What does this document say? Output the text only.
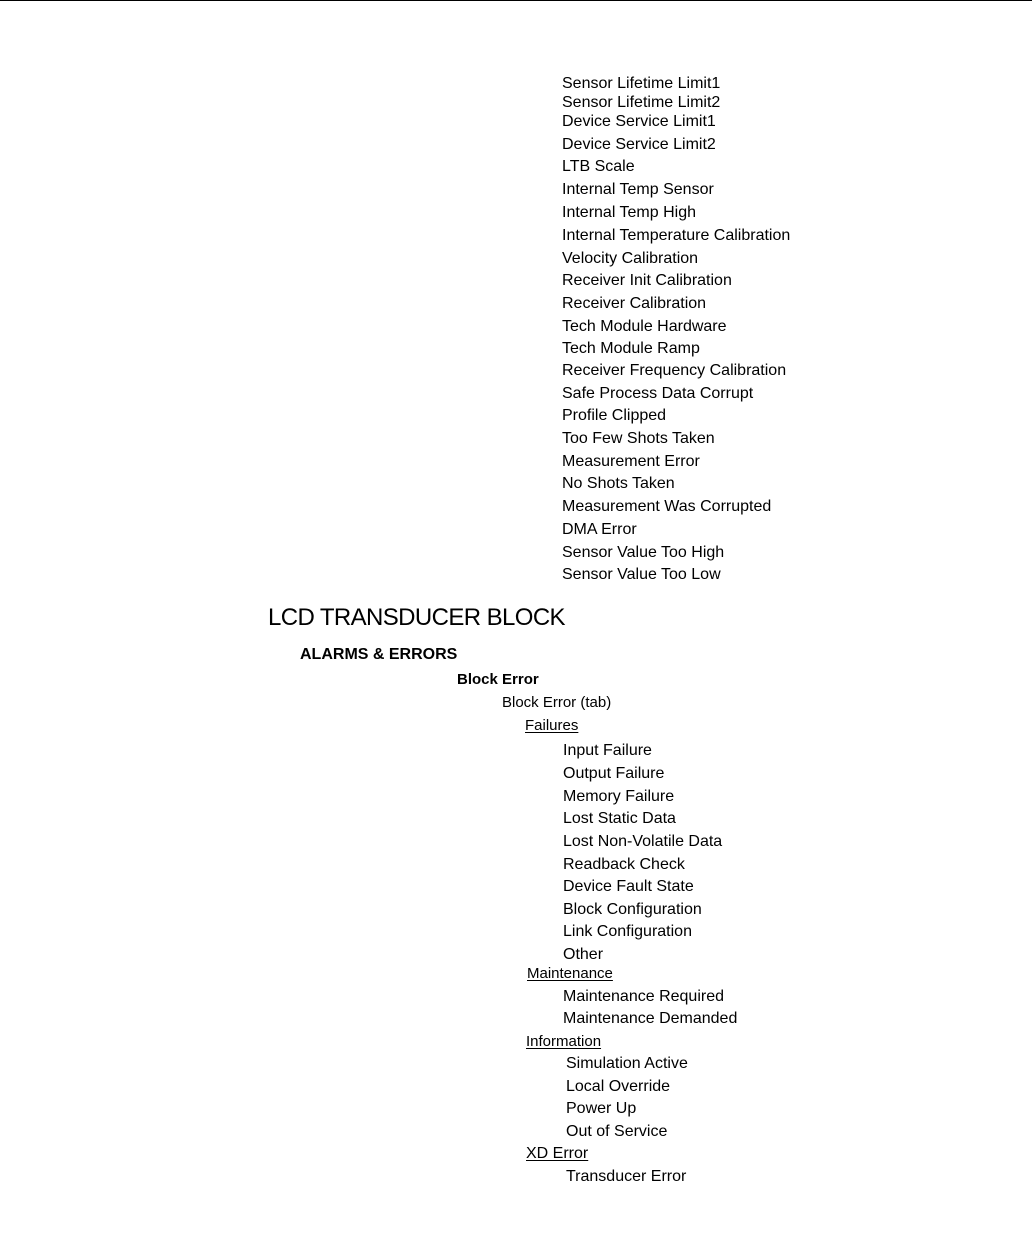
Sensor Lifetime Limit1
Sensor Lifetime Limit2
Device Service Limit1
Device Service Limit2
LTB Scale
Internal Temp Sensor
Internal Temp High
Internal Temperature Calibration
Velocity Calibration
Receiver Init Calibration
Receiver Calibration
Tech Module Hardware
Tech Module Ramp
Receiver Frequency Calibration
Safe Process Data Corrupt
Profile Clipped
Too Few Shots Taken
Measurement Error
No Shots Taken
Measurement Was Corrupted
DMA Error
Sensor Value Too High
Sensor Value Too Low
LCD TRANSDUCER BLOCK
ALARMS & ERRORS
Block Error
Block Error (tab)
Failures
Input Failure
Output Failure
Memory Failure
Lost Static Data
Lost Non-Volatile Data
Readback Check
Device Fault State
Block Configuration
Link Configuration
Other
Maintenance
Maintenance Required
Maintenance Demanded
Information
Simulation Active
Local Override
Power Up
Out of Service
XD Error
Transducer Error
